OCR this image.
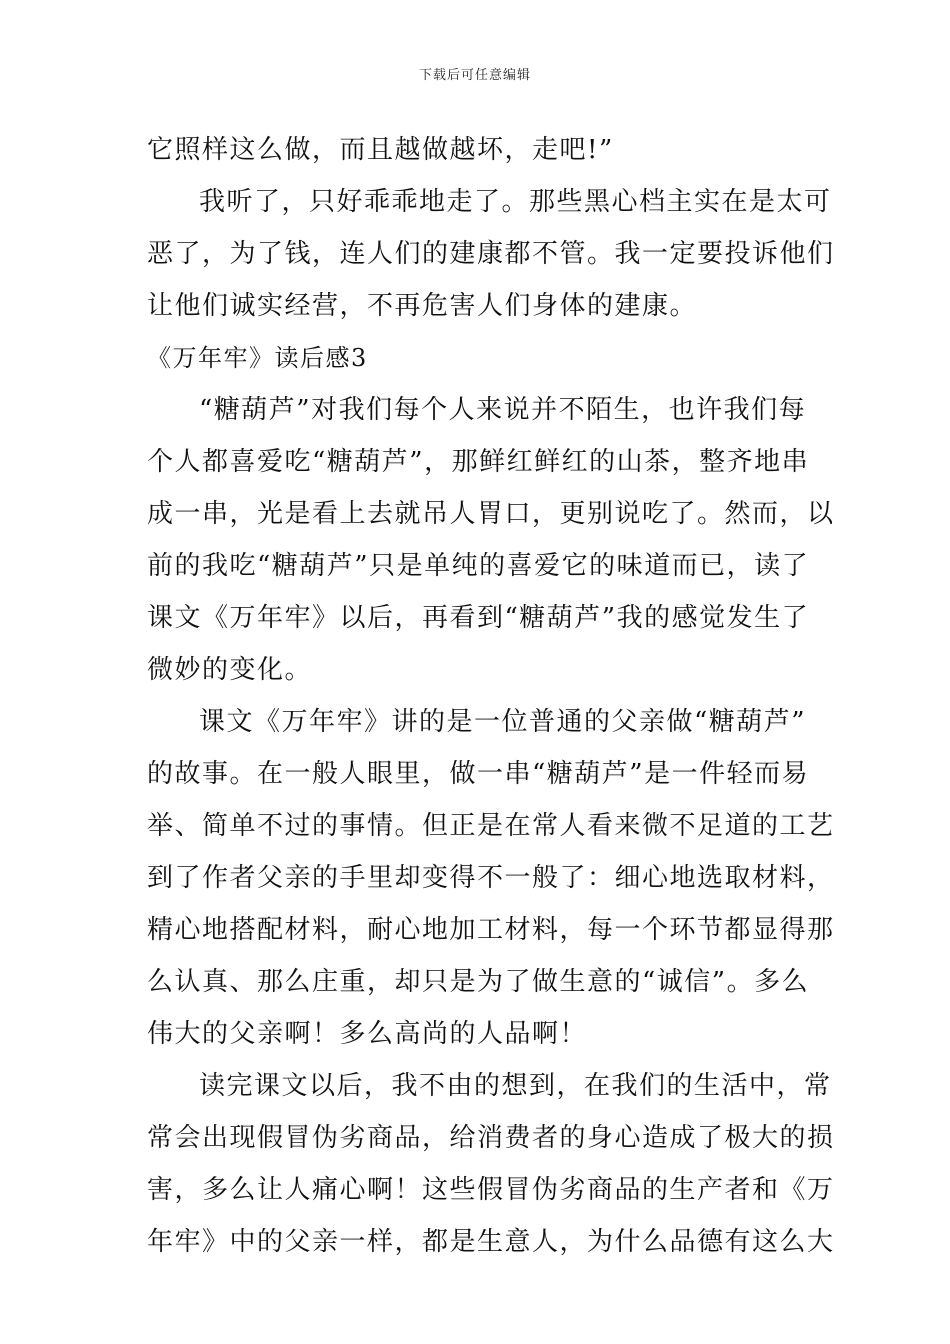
下载后可任意编辑
它照样这么做，而且越做越坏，走吧!”
我听了，只好乖乖地走了。那些黑心档主实在是太可
恶了，为了钱，连人们的建康都不管。我一定要投诉他们
让他们诚实经营，不再危害人们身体的建康。
《万年牢》读后感3
“糖葫芦”对我们每个人来说并不陌生，也许我们每
个人都喜爱吃“糖葫芦”，那鲜红鲜红的山茶，整齐地串
成一串，光是看上去就吊人胃口，更别说吃了。然而，以
前的我吃“糖葫芦”只是单纯的喜爱它的味道而已，读了
课文《万年牢》以后，再看到“糖葫芦”我的感觉发生了
微妙的变化。
课文《万年牢》讲的是一位普通的父亲做“糖葫芦”
的故事。在一般人眼里，做一串“糖葫芦”是一件轻而易
举、简单不过的事情。但正是在常人看来微不足道的工艺
到了作者父亲的手里却变得不一般了：细心地选取材料，
精心地搭配材料，耐心地加工材料，每一个环节都显得那
么认真、那么庄重，却只是为了做生意的“诚信”。多么
伟大的父亲啊！多么高尚的人品啊！
读完课文以后，我不由的想到，在我们的生活中，常
常会出现假冒伪劣商品，给消费者的身心造成了极大的损
害，多么让人痛心啊！这些假冒伪劣商品的生产者和《万
年牢》中的父亲一样，都是生意人，为什么品德有这么大
